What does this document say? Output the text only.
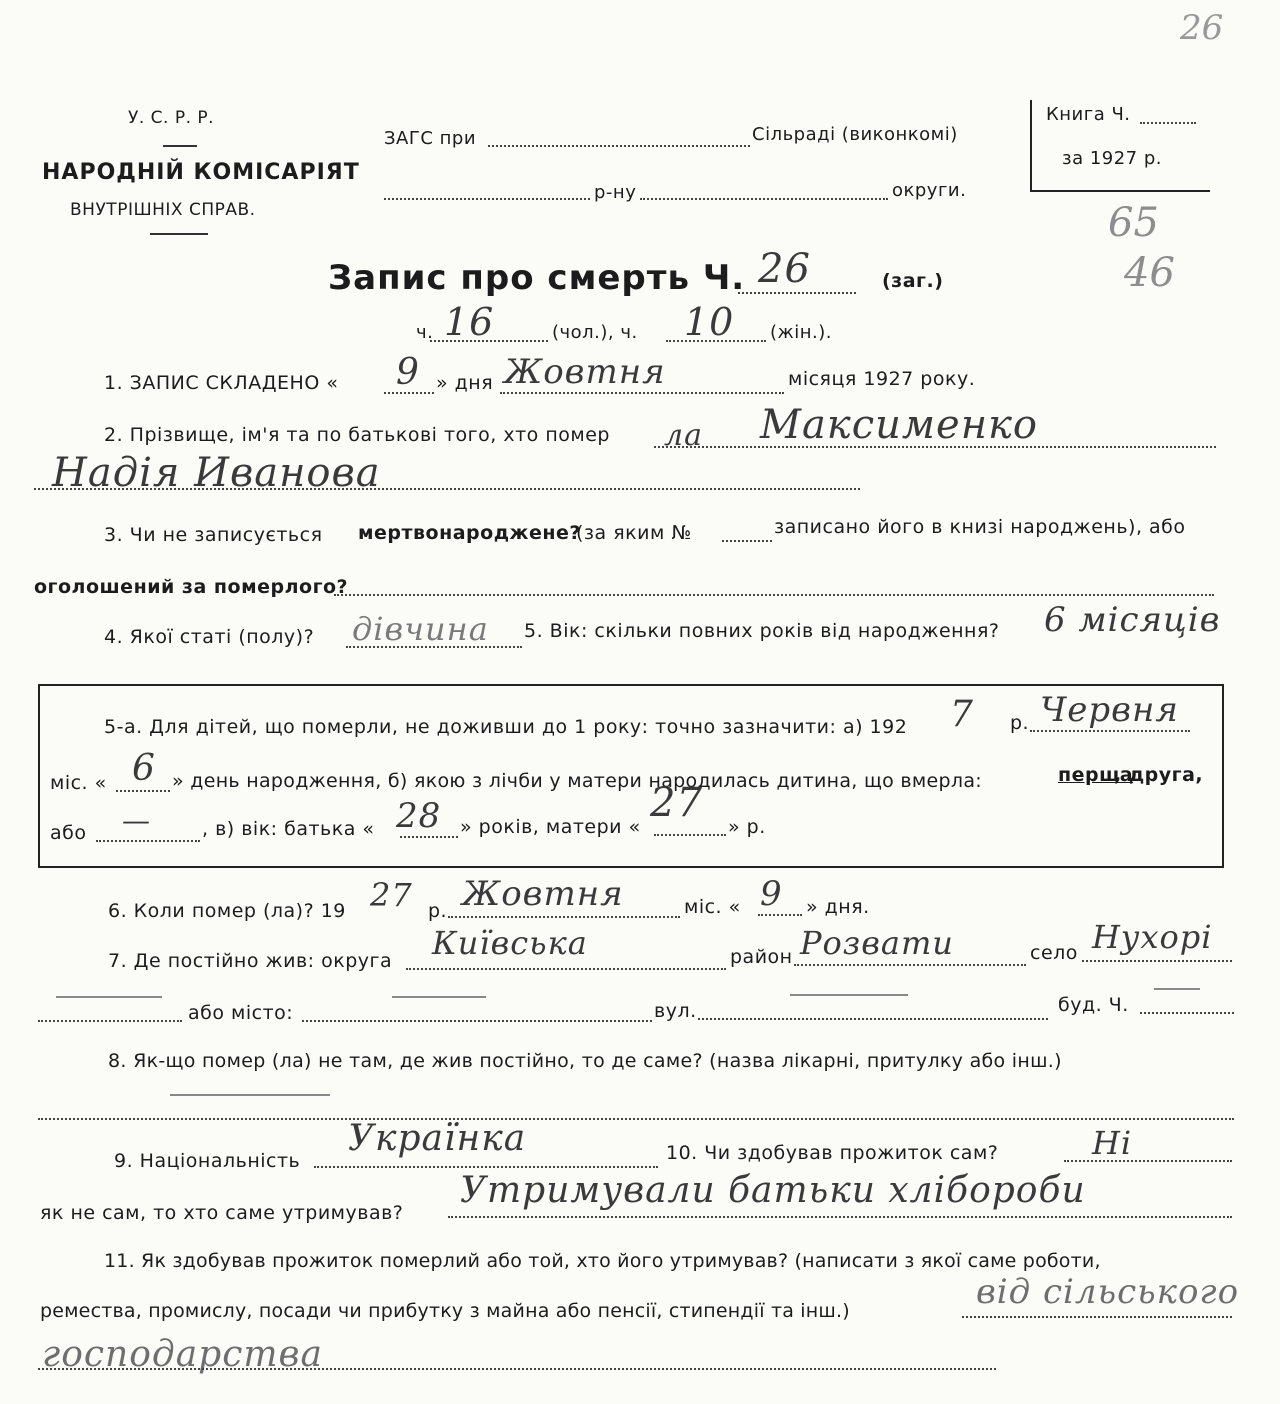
26
У. С. Р. Р.
НАРОДНІЙ КОМІСАРІЯТ
ВНУТРІШНІХ СПРАВ.
ЗАГС при	Сільраді (виконкомі)
р-ну	округи.
Книга Ч.
за 1927 р.
65
46
Запис про смерть Ч. 26	(заг.)
ч. 16	(чол.), ч. 10 (жін.).
1. ЗАПИС СКЛАДЕНО « 9 » дня Жовтня	місяця 1927 року.
2. Прізвище, ім'я та по батькові того, хто помер ла Максименко
Надія Иванова
3. Чи не записується мертвонароджене?
(за яким №	записано його в книзі народжень), або
оголошений за померлого?
4. Якої статі (полу)? дівчина 5. Вік: скільки повних років від народження? 6 місяців
5-а. Для дітей, що померли, не доживши до 1 року: точно зазначити: а) 192 7 р. Червня
міс. « 6 » день народження, б) якою з лічби у матери народилась дитина, що вмерла:	перша
, друга,
або —	, в) вік: батька « 28 » років, матери «
27
» р.
6. Коли помер (ла)? 19 27 р. Жовтня	міс. « 9 » дня.
7. Де постійно жив: округа Київська	район Розвати	село Нухорі
або місто:	вул.	буд. Ч.
8. Як-що помер (ла) не там, де жив постійно, то де саме? (назва лікарні, притулку або інш.)
9. Національність
Українка	10. Чи здобував прожиток сам?	Ні
як не сам, то хто саме утримував?
Утримували батьки хлібороби
11. Як здобував прожиток померлий або той, хто його утримував? (написати з якої саме роботи,
ремества, промислу, посади чи прибутку з майна або пенсії, стипендії та інш.)	від сільського
господарства
